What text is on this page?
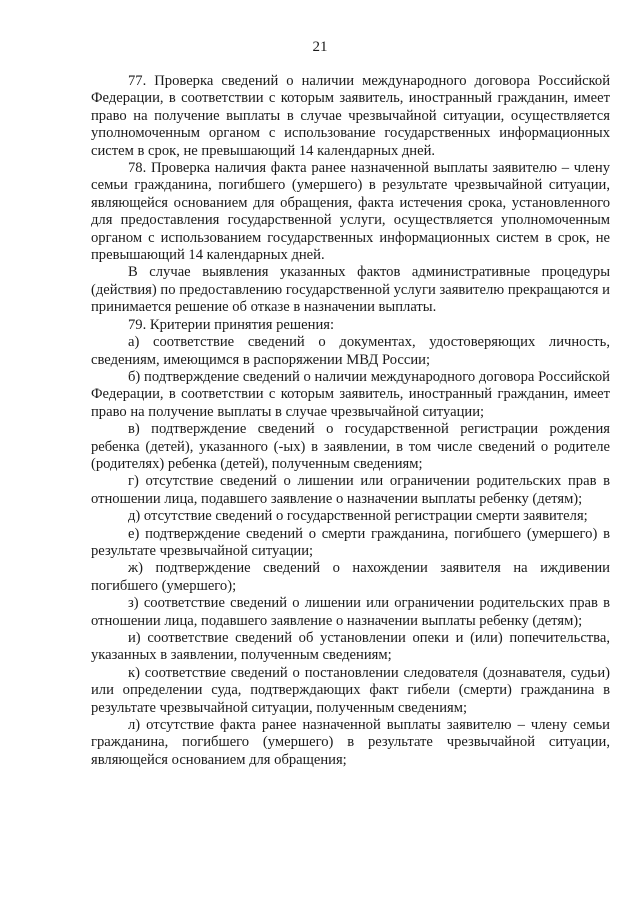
21

77. Проверка сведений о наличии международного договора Российской Федерации, в соответствии с которым заявитель, иностранный гражданин, имеет право на получение выплаты в случае чрезвычайной ситуации, осуществляется уполномоченным органом с использование государственных информационных систем в срок, не превышающий 14 календарных дней.

78. Проверка наличия факта ранее назначенной выплаты заявителю – члену семьи гражданина, погибшего (умершего) в результате чрезвычайной ситуации, являющейся основанием для обращения, факта истечения срока, установленного для предоставления государственной услуги, осуществляется уполномоченным органом с использованием государственных информационных систем в срок, не превышающий 14 календарных дней.

В случае выявления указанных фактов административные процедуры (действия) по предоставлению государственной услуги заявителю прекращаются и принимается решение об отказе в назначении выплаты.

79. Критерии принятия решения:

а) соответствие сведений о документах, удостоверяющих личность, сведениям, имеющимся в распоряжении МВД России;

б) подтверждение сведений о наличии международного договора Российской Федерации, в соответствии с которым заявитель, иностранный гражданин, имеет право на получение выплаты в случае чрезвычайной ситуации;

в) подтверждение сведений о государственной регистрации рождения ребенка (детей), указанного (-ых) в заявлении, в том числе сведений о родителе (родителях) ребенка (детей), полученным сведениям;

г) отсутствие сведений о лишении или ограничении родительских прав в отношении лица, подавшего заявление о назначении выплаты ребенку (детям);

д) отсутствие сведений о государственной регистрации смерти заявителя;

е) подтверждение сведений о смерти гражданина, погибшего (умершего) в результате чрезвычайной ситуации;

ж) подтверждение сведений о нахождении заявителя на иждивении погибшего (умершего);

з) соответствие сведений о лишении или ограничении родительских прав в отношении лица, подавшего заявление о назначении выплаты ребенку (детям);

и) соответствие сведений об установлении опеки и (или) попечительства, указанных в заявлении, полученным сведениям;

к) соответствие сведений о постановлении следователя (дознавателя, судьи) или определении суда, подтверждающих факт гибели (смерти) гражданина в результате чрезвычайной ситуации, полученным сведениям;

л) отсутствие факта ранее назначенной выплаты заявителю – члену семьи гражданина, погибшего (умершего) в результате чрезвычайной ситуации, являющейся основанием для обращения;
